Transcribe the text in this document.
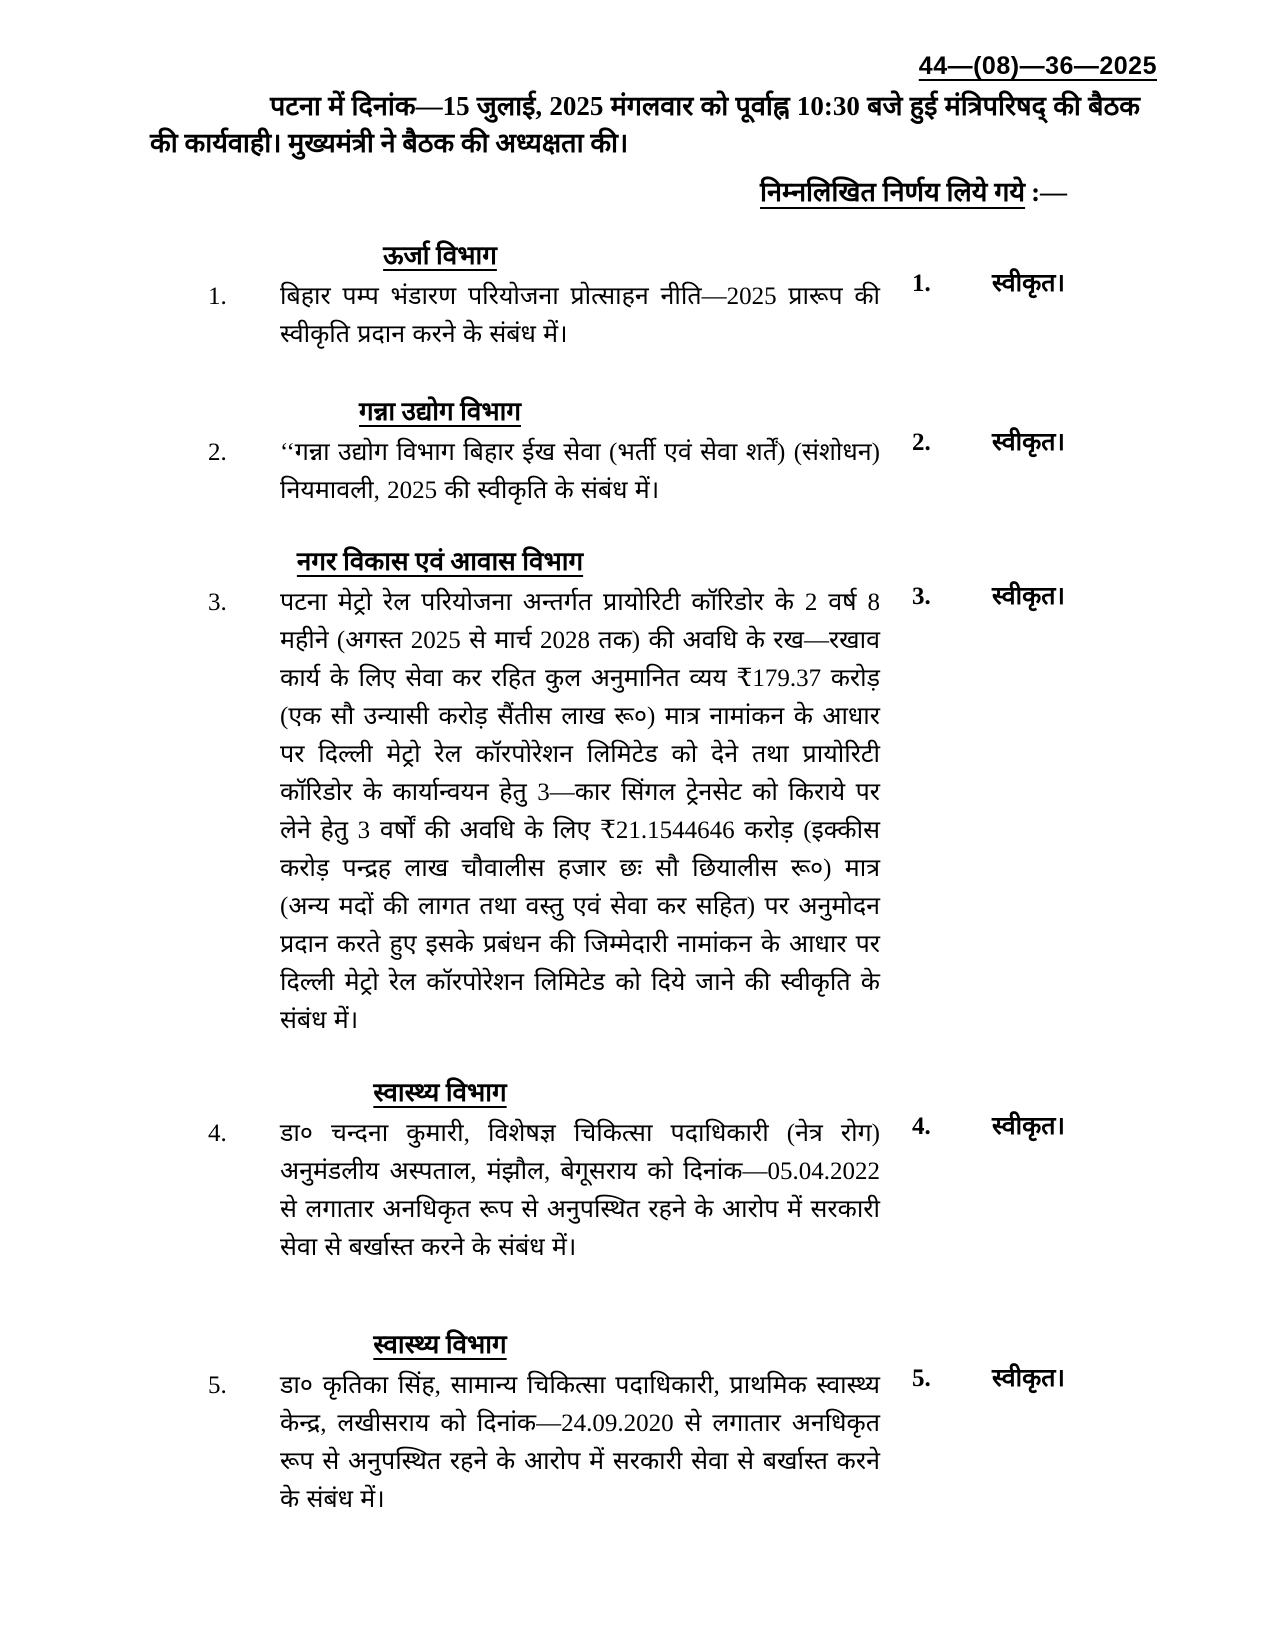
44—(08)—36—2025
पटना में दिनांक—15 जुलाई, 2025 मंगलवार को पूर्वाह्न 10:30 बजे हुई मंत्रिपरिषद् की बैठक की कार्यवाही। मुख्यमंत्री ने बैठक की अध्यक्षता की।
निम्नलिखित निर्णय लिये गये :—
ऊर्जा विभाग
1.	बिहार पम्प भंडारण परियोजना प्रोत्साहन नीति—2025 प्रारूप की स्वीकृति प्रदान करने के संबंध में।
1. स्वीकृत।
गन्ना उद्योग विभाग
2.	‘‘गन्ना उद्योग विभाग बिहार ईख सेवा (भर्ती एवं सेवा शर्तें) (संशोधन) नियमावली, 2025 की स्वीकृति के संबंध में।
2. स्वीकृत।
नगर विकास एवं आवास विभाग
3.	पटना मेट्रो रेल परियोजना अन्तर्गत प्रायोरिटी कॉरिडोर के 2 वर्ष 8 महीने (अगस्त 2025 से मार्च 2028 तक) की अवधि के रख—रखाव कार्य के लिए सेवा कर रहित कुल अनुमानित व्यय ₹179.37 करोड़ (एक सौ उन्यासी करोड़ सैंतीस लाख रू०) मात्र नामांकन के आधार पर दिल्ली मेट्रो रेल कॉरपोरेशन लिमिटेड को देने तथा प्रायोरिटी कॉरिडोर के कार्यान्वयन हेतु 3—कार सिंगल ट्रेनसेट को किराये पर लेने हेतु 3 वर्षों की अवधि के लिए ₹21.1544646 करोड़ (इक्कीस करोड़ पन्द्रह लाख चौवालीस हजार छः सौ छियालीस रू०) मात्र (अन्य मदों की लागत तथा वस्तु एवं सेवा कर सहित) पर अनुमोदन प्रदान करते हुए इसके प्रबंधन की जिम्मेदारी नामांकन के आधार पर दिल्ली मेट्रो रेल कॉरपोरेशन लिमिटेड को दिये जाने की स्वीकृति के संबंध में।
3. स्वीकृत।
स्वास्थ्य विभाग
4.	डा० चन्दना कुमारी, विशेषज्ञ चिकित्सा पदाधिकारी (नेत्र रोग) अनुमंडलीय अस्पताल, मंझौल, बेगूसराय को दिनांक—05.04.2022 से लगातार अनधिकृत रूप से अनुपस्थित रहने के आरोप में सरकारी सेवा से बर्खास्त करने के संबंध में।
4. स्वीकृत।
स्वास्थ्य विभाग
5.	डा० कृतिका सिंह, सामान्य चिकित्सा पदाधिकारी, प्राथमिक स्वास्थ्य केन्द्र, लखीसराय को दिनांक—24.09.2020 से लगातार अनधिकृत रूप से अनुपस्थित रहने के आरोप में सरकारी सेवा से बर्खास्त करने के संबंध में।
5. स्वीकृत।
